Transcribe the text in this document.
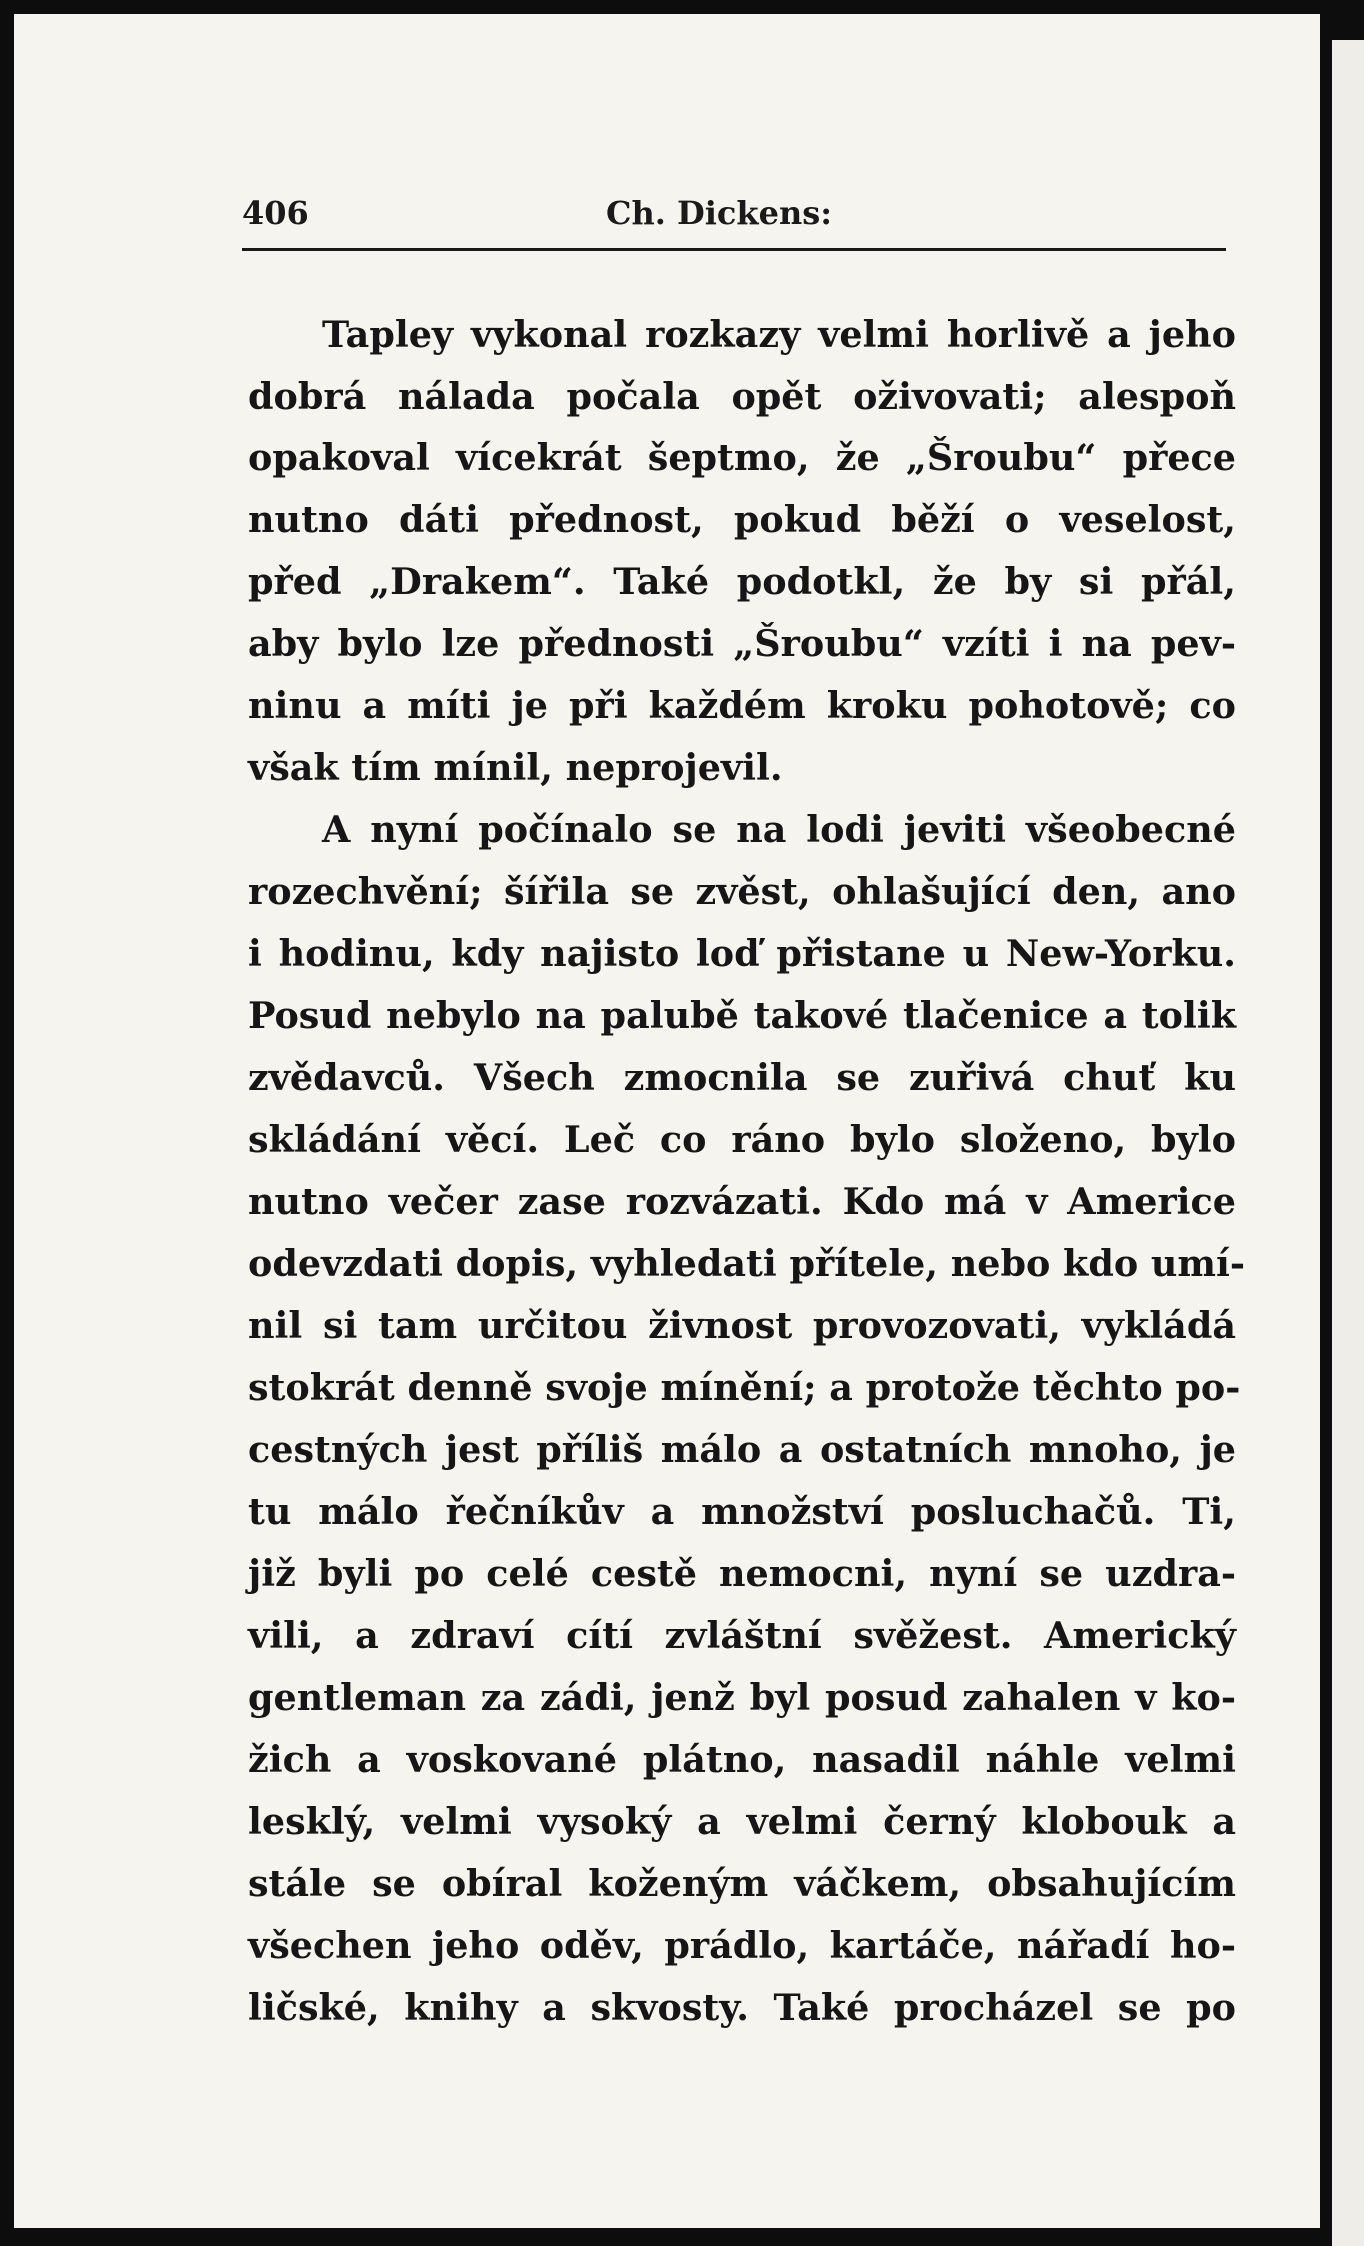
406	Ch. Dickens:
Tapley vykonal rozkazy velmi horlivě a jeho
dobrá nálada počala opět oživovati; alespoň
opakoval vícekrát šeptmo, že „Šroubu“ přece
nutno dáti přednost, pokud běží o veselost,
před „Drakem“. Také podotkl, že by si přál,
aby bylo lze přednosti „Šroubu“ vzíti i na pev-
ninu a míti je při každém kroku pohotově; co
však tím mínil, neprojevil.
A nyní počínalo se na lodi jeviti všeobecné
rozechvění; šířila se zvěst, ohlašující den, ano
i hodinu, kdy najisto loď přistane u New-Yorku.
Posud nebylo na palubě takové tlačenice a tolik
zvědavců. Všech zmocnila se zuřivá chuť ku
skládání věcí. Leč co ráno bylo složeno, bylo
nutno večer zase rozvázati. Kdo má v Americe
odevzdati dopis, vyhledati přítele, nebo kdo umí-
nil si tam určitou živnost provozovati, vykládá
stokrát denně svoje mínění; a protože těchto po-
cestných jest příliš málo a ostatních mnoho, je
tu málo řečníkův a množství posluchačů. Ti,
již byli po celé cestě nemocni, nyní se uzdra-
vili, a zdraví cítí zvláštní svěžest. Americký
gentleman za zádi, jenž byl posud zahalen v ko-
žich a voskované plátno, nasadil náhle velmi
lesklý, velmi vysoký a velmi černý klobouk a
stále se obíral koženým váčkem, obsahujícím
všechen jeho oděv, prádlo, kartáče, nářadí ho-
ličské, knihy a skvosty. Také procházel se po
